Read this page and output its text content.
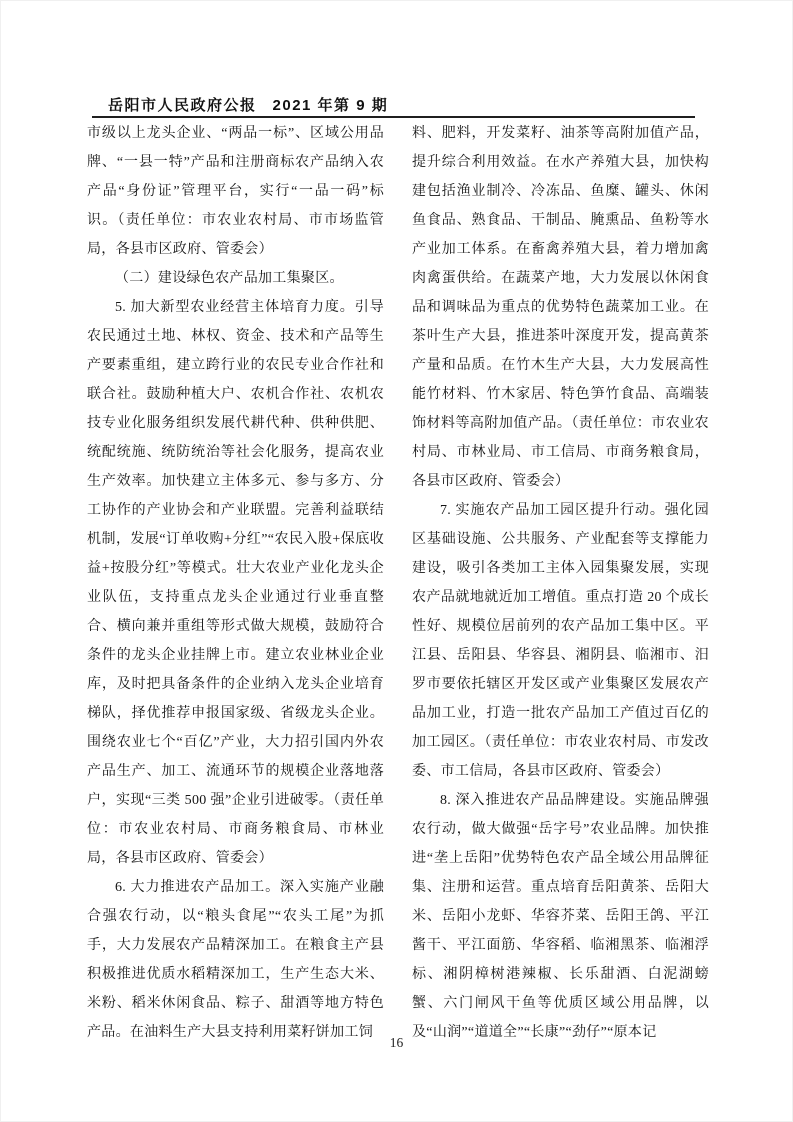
岳阳市人民政府公报 2021 年第 9 期

市级以上龙头企业、“两品一标”、区域公用品牌、“一县一特”产品和注册商标农产品纳入农产品“身份证”管理平台，实行“一品一码”标识。（责任单位：市农业农村局、市市场监管局，各县市区政府、管委会）

（二）建设绿色农产品加工集聚区。

5. 加大新型农业经营主体培育力度。引导农民通过土地、林权、资金、技术和产品等生产要素重组，建立跨行业的农民专业合作社和联合社。鼓励种植大户、农机合作社、农机农技专业化服务组织发展代耕代种、供种供肥、统配统施、统防统治等社会化服务，提高农业生产效率。加快建立主体多元、参与多方、分工协作的产业协会和产业联盟。完善利益联结机制，发展“订单收购+分红”“农民入股+保底收益+按股分红”等模式。壮大农业产业化龙头企业队伍，支持重点龙头企业通过行业垂直整合、横向兼并重组等形式做大规模，鼓励符合条件的龙头企业挂牌上市。建立农业林业企业库，及时把具备条件的企业纳入龙头企业培育梯队，择优推荐申报国家级、省级龙头企业。围绕农业七个“百亿”产业，大力招引国内外农产品生产、加工、流通环节的规模企业落地落户，实现“三类 500 强”企业引进破零。（责任单位：市农业农村局、市商务粮食局、市林业局，各县市区政府、管委会）

6. 大力推进农产品加工。深入实施产业融合强农行动，以“粮头食尾”“农头工尾”为抓手，大力发展农产品精深加工。在粮食主产县积极推进优质水稻精深加工，生产生态大米、米粉、稻米休闲食品、粽子、甜酒等地方特色产品。在油料生产大县支持利用菜籽饼加工饲

料、肥料，开发菜籽、油茶等高附加值产品，提升综合利用效益。在水产养殖大县，加快构建包括渔业制冷、冷冻品、鱼糜、罐头、休闲鱼食品、熟食品、干制品、腌熏品、鱼粉等水产业加工体系。在畜禽养殖大县，着力增加禽肉禽蛋供给。在蔬菜产地，大力发展以休闲食品和调味品为重点的优势特色蔬菜加工业。在茶叶生产大县，推进茶叶深度开发，提高黄茶产量和品质。在竹木生产大县，大力发展高性能竹材料、竹木家居、特色笋竹食品、高端装饰材料等高附加值产品。（责任单位：市农业农村局、市林业局、市工信局、市商务粮食局，各县市区政府、管委会）

7. 实施农产品加工园区提升行动。强化园区基础设施、公共服务、产业配套等支撑能力建设，吸引各类加工主体入园集聚发展，实现农产品就地就近加工增值。重点打造 20 个成长性好、规模位居前列的农产品加工集中区。平江县、岳阳县、华容县、湘阴县、临湘市、汨罗市要依托辖区开发区或产业集聚区发展农产品加工业，打造一批农产品加工产值过百亿的加工园区。（责任单位：市农业农村局、市发改委、市工信局，各县市区政府、管委会）

8. 深入推进农产品品牌建设。实施品牌强农行动，做大做强“岳字号”农业品牌。加快推进“垄上岳阳”优势特色农产品全域公用品牌征集、注册和运营。重点培育岳阳黄茶、岳阳大米、岳阳小龙虾、华容芥菜、岳阳王鸽、平江酱干、平江面筋、华容稻、临湘黑茶、临湘浮标、湘阴樟树港辣椒、长乐甜酒、白泥湖螃蟹、六门闸风干鱼等优质区域公用品牌，以及“山润”“道道全”“长康”“劲仔”“原本记

16
